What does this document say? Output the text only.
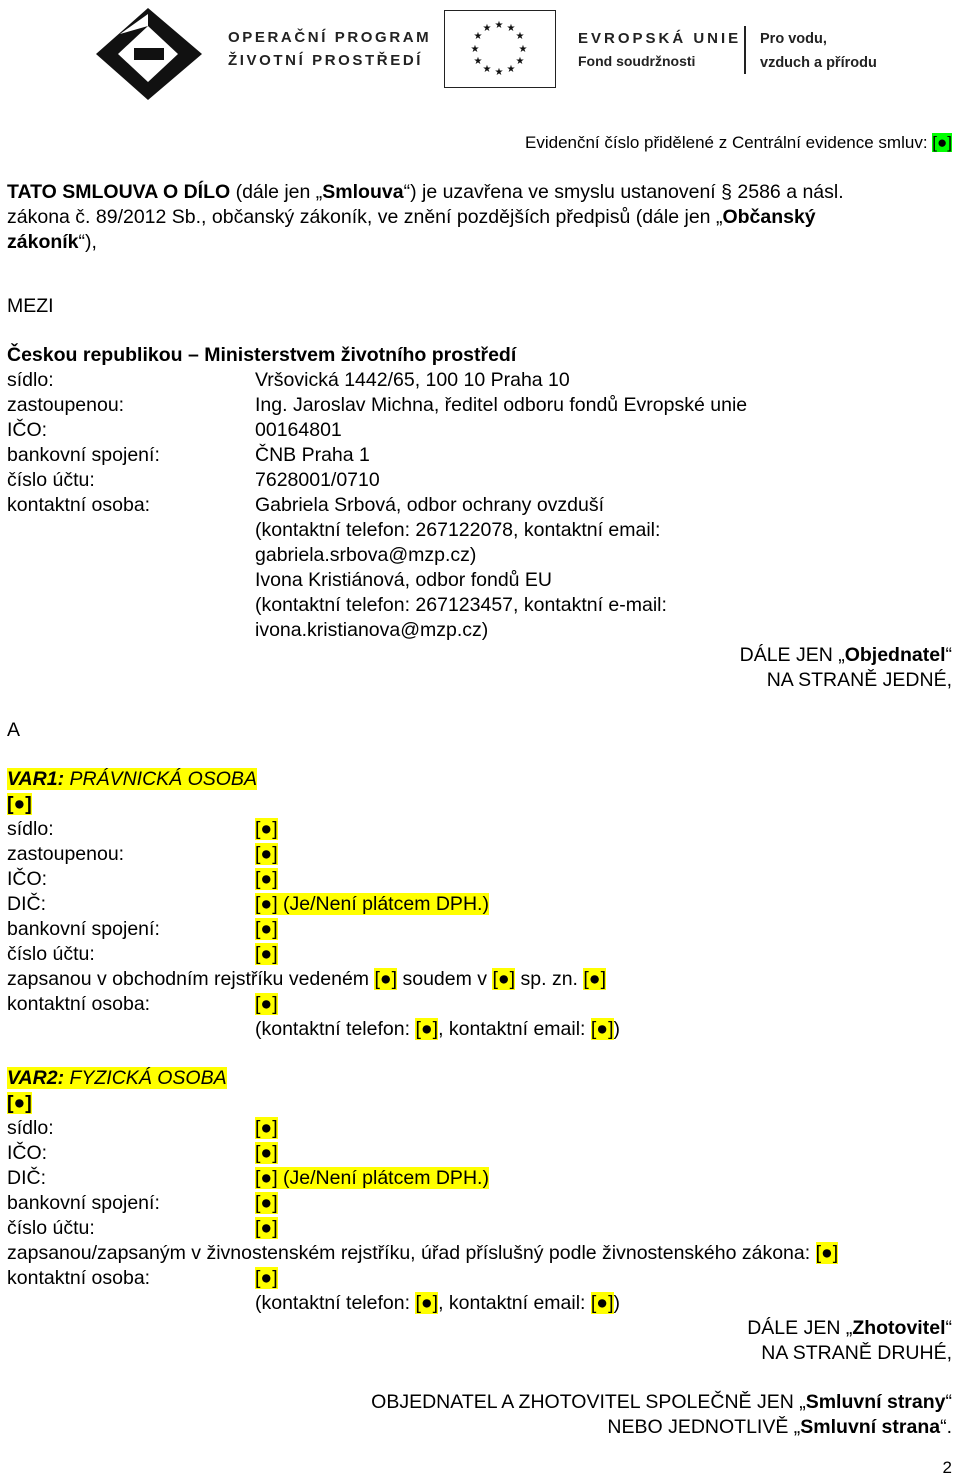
OPERAČNÍ PROGRAM
ŽIVOTNÍ PROSTŘEDÍ
★ ★
★
★
★
★
★
★
★
★
★
★
EVROPSKÁ UNIE
Fond soudržnosti
Pro vodu,
vzduch a přírodu
Evidenční číslo přidělené z Centrální evidence smluv: [●]
TATO SMLOUVA O DÍLO (dále jen „Smlouva“) je uzavřena ve smyslu ustanovení § 2586 a násl.
zákona č. 89/2012 Sb., občanský zákoník, ve znění pozdějších předpisů (dále jen „Občanský
zákoník“),
MEZI
Českou republikou – Ministerstvem životního prostředí
sídlo:	Vršovická 1442/65, 100 10 Praha 10
zastoupenou:	Ing. Jaroslav Michna, ředitel odboru fondů Evropské unie
IČO:	00164801
bankovní spojení:	ČNB Praha 1
číslo účtu:	7628001/0710
kontaktní osoba:	Gabriela Srbová, odbor ochrany ovzduší
(kontaktní telefon: 267122078, kontaktní email:
gabriela.srbova@mzp.cz)
Ivona Kristiánová, odbor fondů EU
(kontaktní telefon: 267123457, kontaktní e-mail:
ivona.kristianova@mzp.cz)
DÁLE JEN „Objednatel“
NA STRANĚ JEDNÉ,
A
VAR1: PRÁVNICKÁ OSOBA
[●]
sídlo:	[●]
zastoupenou:	[●]
IČO:	[●]
DIČ:	[●] (Je/Není plátcem DPH.)
bankovní spojení:	[●]
číslo účtu:	[●]
zapsanou v obchodním rejstříku vedeném [●] soudem v [●] sp. zn. [●]
kontaktní osoba:	[●]
(kontaktní telefon: [●], kontaktní email: [●])
VAR2: FYZICKÁ OSOBA
[●]
sídlo:	[●]
IČO:	[●]
DIČ:	[●] (Je/Není plátcem DPH.)
bankovní spojení:	[●]
číslo účtu:	[●]
zapsanou/zapsaným v živnostenském rejstříku, úřad příslušný podle živnostenského zákona: [●]
kontaktní osoba:	[●]
(kontaktní telefon: [●], kontaktní email: [●])
DÁLE JEN „Zhotovitel“
NA STRANĚ DRUHÉ,
OBJEDNATEL A ZHOTOVITEL SPOLEČNĚ JEN „Smluvní strany“
NEBO JEDNOTLIVĚ „Smluvní strana“.
2
